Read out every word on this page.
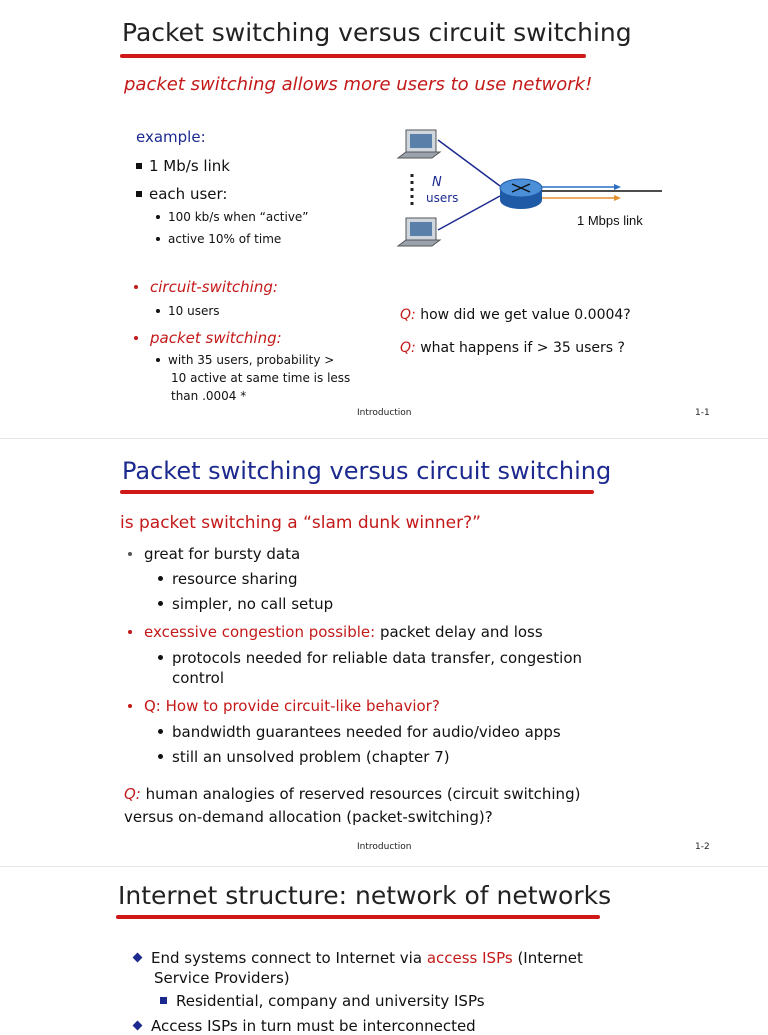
Packet switching versus circuit switching
packet switching allows more users to use network!
example:
1 Mb/s link
each user:
100 kb/s when “active”
active 10% of time
circuit-switching:
10 users
packet switching:
with 35 users, probability >
10 active at same time is less
than .0004 *
Q: how did we get value 0.0004?
Q: what happens if > 35 users ?
N
users
1 Mbps link
Introduction	1-1
Packet switching versus circuit switching
is packet switching a “slam dunk winner?”
great for bursty data
resource sharing
simpler, no call setup
excessive congestion possible: packet delay and loss
protocols needed for reliable data transfer, congestion
control
Q: How to provide circuit-like behavior?
bandwidth guarantees needed for audio/video apps
still an unsolved problem (chapter 7)
Q: human analogies of reserved resources (circuit switching)
versus on-demand allocation (packet-switching)?
Introduction	1-2
Internet structure: network of networks
End systems connect to Internet via access ISPs (Internet
Service Providers)
Residential, company and university ISPs
Access ISPs in turn must be interconnected
